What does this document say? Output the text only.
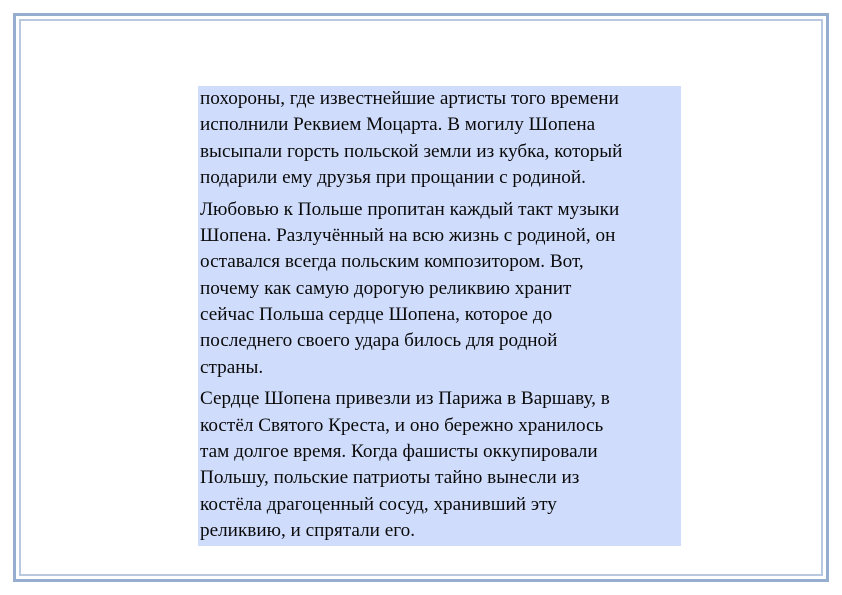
похороны, где известнейшие артисты того времени
исполнили Реквием Моцарта. В могилу Шопена
высыпали горсть польской земли из кубка, который
подарили ему друзья при прощании с родиной.
Любовью к Польше пропитан каждый такт музыки
Шопена. Разлучённый на всю жизнь с родиной, он
оставался всегда польским композитором. Вот,
почему как самую дорогую реликвию хранит
сейчас Польша сердце Шопена, которое до
последнего своего удара билось для родной
страны.
Сердце Шопена привезли из Парижа в Варшаву, в
костёл Святого Креста, и оно бережно хранилось
там долгое время. Когда фашисты оккупировали
Польшу, польские патриоты тайно вынесли из
костёла драгоценный сосуд, хранивший эту
реликвию, и спрятали его.
